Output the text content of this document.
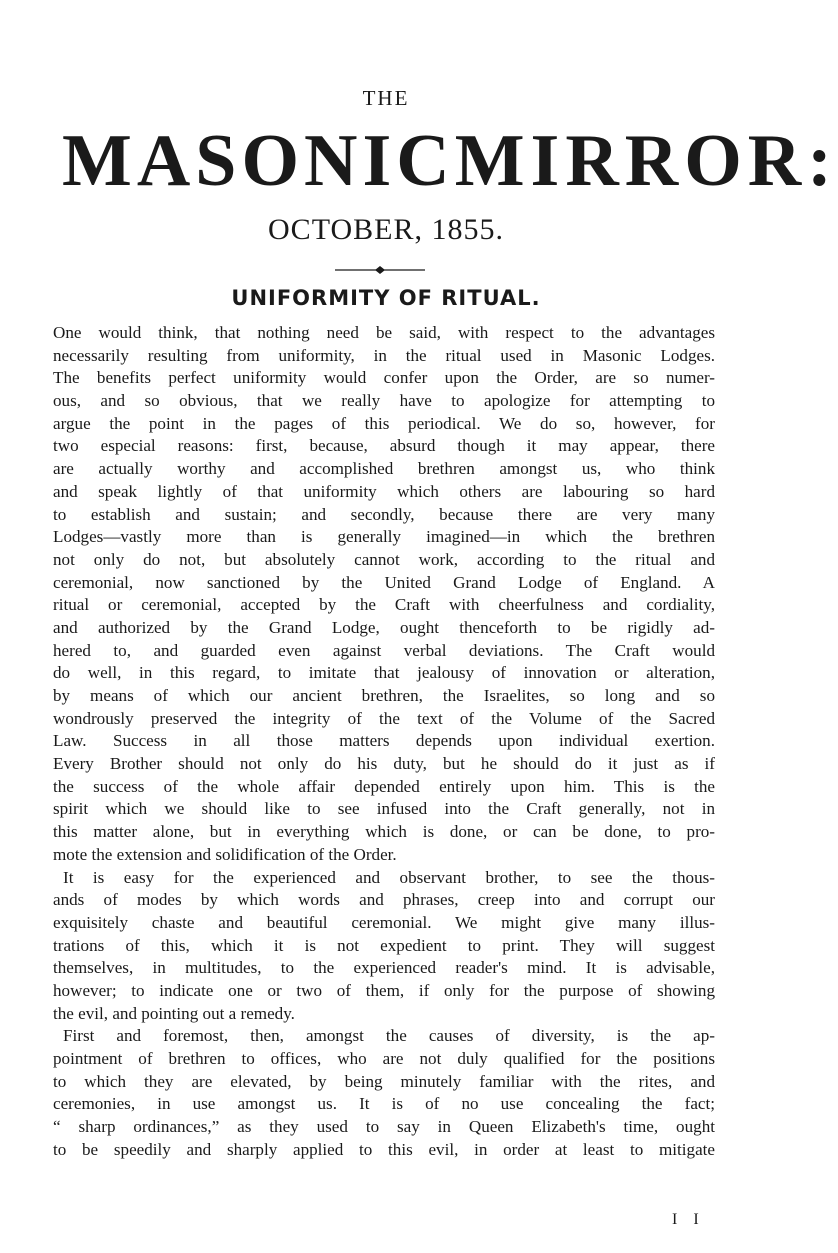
THE
MASONIC MIRROR:
OCTOBER, 1855.
UNIFORMITY OF RITUAL.
One would think, that nothing need be said, with respect to the advantages
necessarily resulting from uniformity, in the ritual used in Masonic Lodges.
The benefits perfect uniformity would confer upon the Order, are so numer-
ous, and so obvious, that we really have to apologize for attempting to
argue the point in the pages of this periodical. We do so, however, for
two especial reasons: first, because, absurd though it may appear, there
are actually worthy and accomplished brethren amongst us, who think
and speak lightly of that uniformity which others are labouring so hard
to establish and sustain; and secondly, because there are very many
Lodges—vastly more than is generally imagined—in which the brethren
not only do not, but absolutely cannot work, according to the ritual and
ceremonial, now sanctioned by the United Grand Lodge of England. A
ritual or ceremonial, accepted by the Craft with cheerfulness and cordiality,
and authorized by the Grand Lodge, ought thenceforth to be rigidly ad-
hered to, and guarded even against verbal deviations. The Craft would
do well, in this regard, to imitate that jealousy of innovation or alteration,
by means of which our ancient brethren, the Israelites, so long and so
wondrously preserved the integrity of the text of the Volume of the Sacred
Law. Success in all those matters depends upon individual exertion.
Every Brother should not only do his duty, but he should do it just as if
the success of the whole affair depended entirely upon him. This is the
spirit which we should like to see infused into the Craft generally, not in
this matter alone, but in everything which is done, or can be done, to pro-
mote the extension and solidification of the Order.
It is easy for the experienced and observant brother, to see the thous-
ands of modes by which words and phrases, creep into and corrupt our
exquisitely chaste and beautiful ceremonial. We might give many illus-
trations of this, which it is not expedient to print. They will suggest
themselves, in multitudes, to the experienced reader's mind. It is advisable,
however; to indicate one or two of them, if only for the purpose of showing
the evil, and pointing out a remedy.
First and foremost, then, amongst the causes of diversity, is the ap-
pointment of brethren to offices, who are not duly qualified for the positions
to which they are elevated, by being minutely familiar with the rites, and
ceremonies, in use amongst us. It is of no use concealing the fact;
“ sharp ordinances,” as they used to say in Queen Elizabeth's time, ought
to be speedily and sharply applied to this evil, in order at least to mitigate
I I
